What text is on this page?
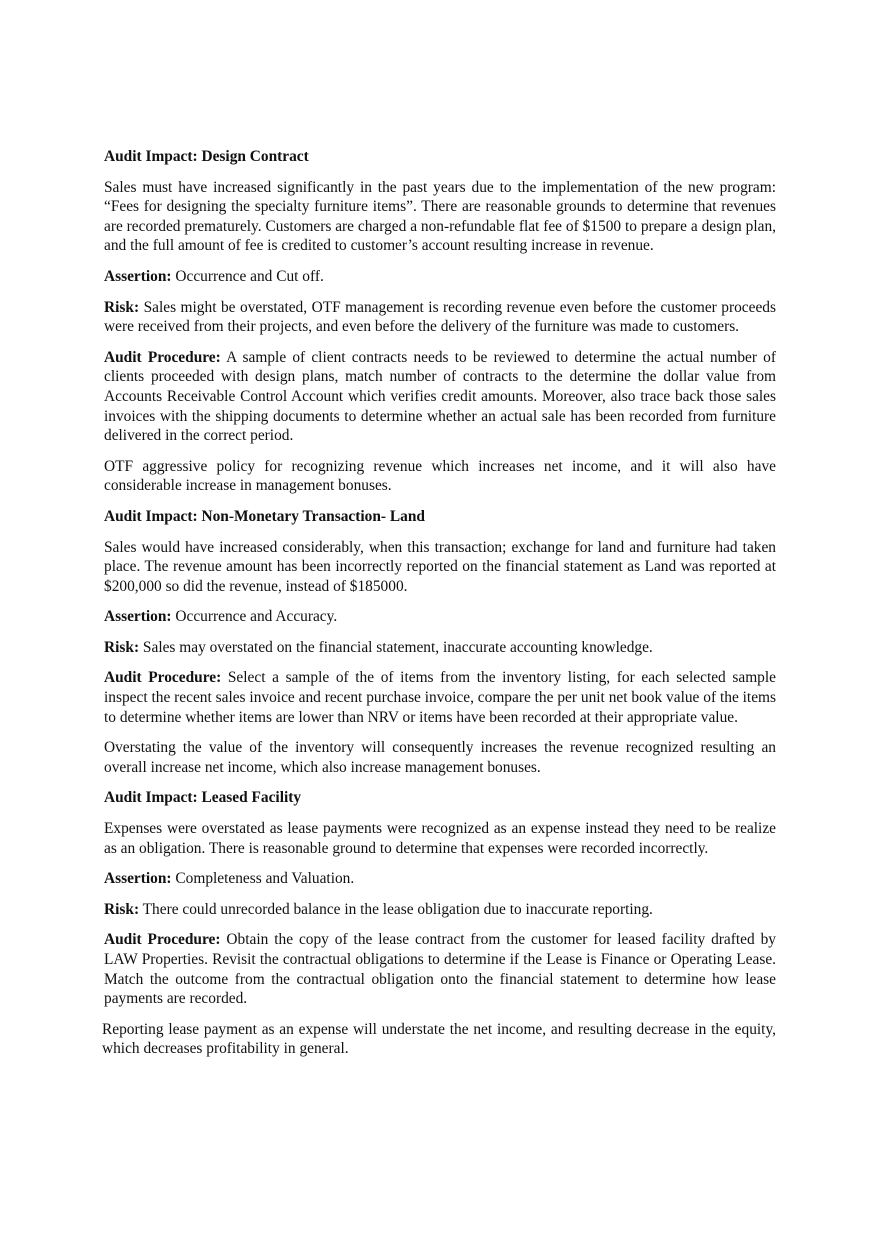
Audit Impact: Design Contract

Sales must have increased significantly in the past years due to the implementation of the new program: “Fees for designing the specialty furniture items”. There are reasonable grounds to determine that revenues are recorded prematurely. Customers are charged a non-refundable flat fee of $1500 to prepare a design plan, and the full amount of fee is credited to customer’s account resulting increase in revenue.

Assertion: Occurrence and Cut off.

Risk: Sales might be overstated, OTF management is recording revenue even before the customer proceeds were received from their projects, and even before the delivery of the furniture was made to customers.

Audit Procedure: A sample of client contracts needs to be reviewed to determine the actual number of clients proceeded with design plans, match number of contracts to the determine the dollar value from Accounts Receivable Control Account which verifies credit amounts. Moreover, also trace back those sales invoices with the shipping documents to determine whether an actual sale has been recorded from furniture delivered in the correct period.

OTF aggressive policy for recognizing revenue which increases net income, and it will also have considerable increase in management bonuses.

Audit Impact: Non-Monetary Transaction- Land

Sales would have increased considerably, when this transaction; exchange for land and furniture had taken place. The revenue amount has been incorrectly reported on the financial statement as Land was reported at $200,000 so did the revenue, instead of $185000.

Assertion: Occurrence and Accuracy.

Risk: Sales may overstated on the financial statement, inaccurate accounting knowledge.

Audit Procedure: Select a sample of the of items from the inventory listing, for each selected sample inspect the recent sales invoice and recent purchase invoice, compare the per unit net book value of the items to determine whether items are lower than NRV or items have been recorded at their appropriate value.

Overstating the value of the inventory will consequently increases the revenue recognized resulting an overall increase net income, which also increase management bonuses.

Audit Impact: Leased Facility

Expenses were overstated as lease payments were recognized as an expense instead they need to be realize as an obligation. There is reasonable ground to determine that expenses were recorded incorrectly.

Assertion: Completeness and Valuation.

Risk: There could unrecorded balance in the lease obligation due to inaccurate reporting.

Audit Procedure: Obtain the copy of the lease contract from the customer for leased facility drafted by LAW Properties. Revisit the contractual obligations to determine if the Lease is Finance or Operating Lease. Match the outcome from the contractual obligation onto the financial statement to determine how lease payments are recorded.

Reporting lease payment as an expense will understate the net income, and resulting decrease in the equity, which decreases profitability in general.
